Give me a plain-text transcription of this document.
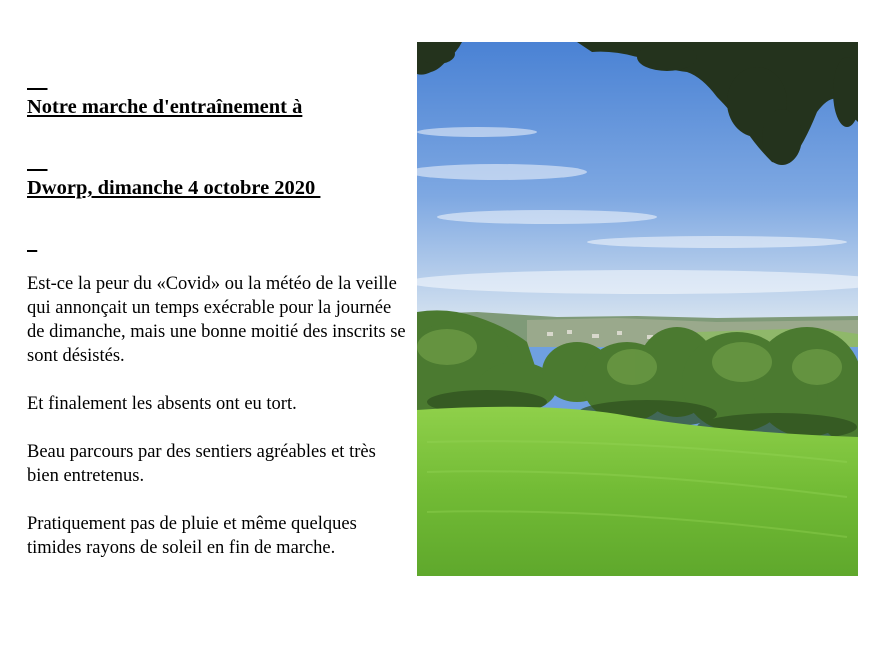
Notre marche d'entraînement à

Dworp, dimanche 4 octobre 2020

Est-ce la peur du «Covid» ou la météo de la veille qui annonçait un temps exécrable pour la journée de dimanche, mais une bonne moitié des inscrits se sont désistés.

Et finalement les absents ont eu tort.

Beau parcours par des sentiers agréables et très bien entretenus.

Pratiquement pas de pluie et même quelques timides rayons de soleil en fin de marche.
